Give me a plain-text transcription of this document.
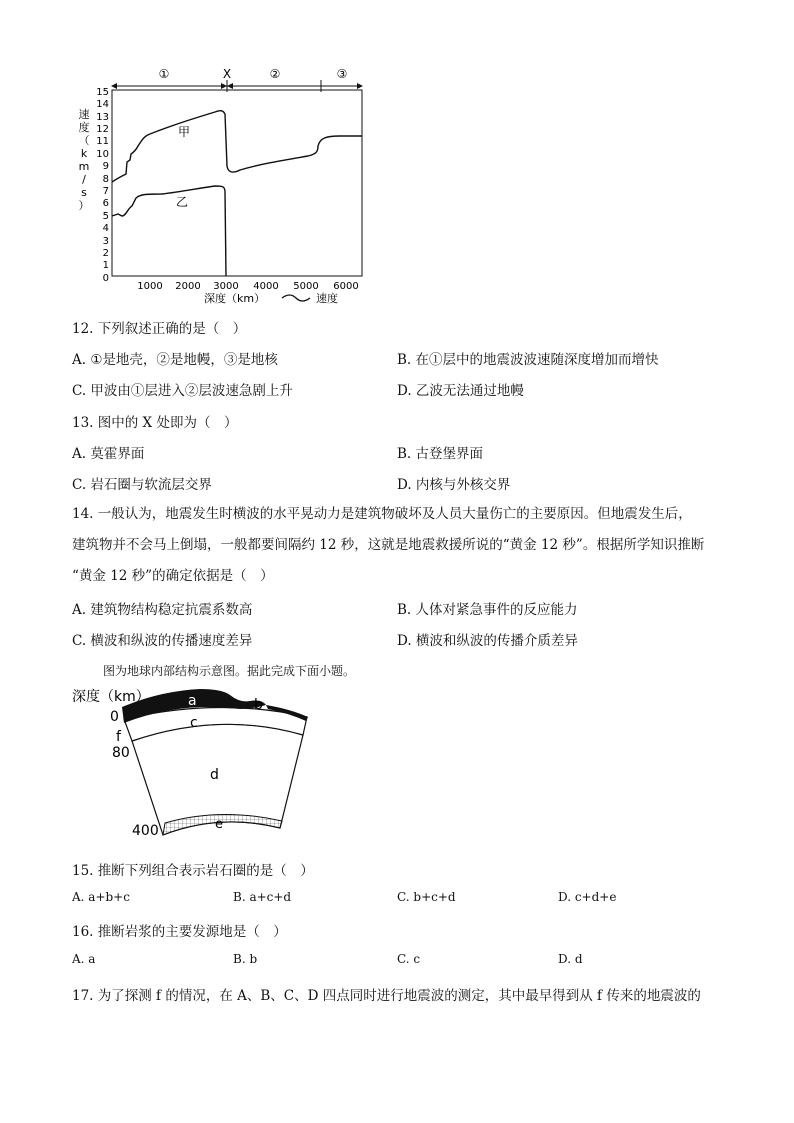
速
度
（
k
m
/
s
）
①	X	②	③
15
14
13
12
11
10
9
8
7
6
5
4
3
2
1
0
1000 2000 3000 4000 5000 6000
甲
乙
深度（km）	速度
12. 下列叙述正确的是（　）
A. ①是地壳，②是地幔，③是地核	B. 在①层中的地震波波速随深度增加而增快
C. 甲波由①层进入②层波速急剧上升	D. 乙波无法通过地幔
13. 图中的 X 处即为（　）
A. 莫霍界面	B. 古登堡界面
C. 岩石圈与软流层交界	D. 内核与外核交界
14. 一般认为，地震发生时横波的水平晃动力是建筑物破坏及人员大量伤亡的主要原因。但地震发生后，
建筑物并不会马上倒塌，一般都要间隔约 12 秒，这就是地震救援所说的“黄金 12 秒”。根据所学知识推断
“黄金 12 秒”的确定依据是（　）
A. 建筑物结构稳定抗震系数高	B. 人体对紧急事件的反应能力
C. 横波和纵波的传播速度差异	D. 横波和纵波的传播介质差异
图为地球内部结构示意图。据此完成下面小题。
深度（km）
0
80
400
a	b
c
d
e
f
15. 推断下列组合表示岩石圈的是（　）
A. a+b+c	B. a+c+d	C. b+c+d	D. c+d+e
16. 推断岩浆的主要发源地是（　）
A. a	B. b	C. c	D. d
17. 为了探测 f 的情况，在 A、B、C、D 四点同时进行地震波的测定，其中最早得到从 f 传来的地震波的
